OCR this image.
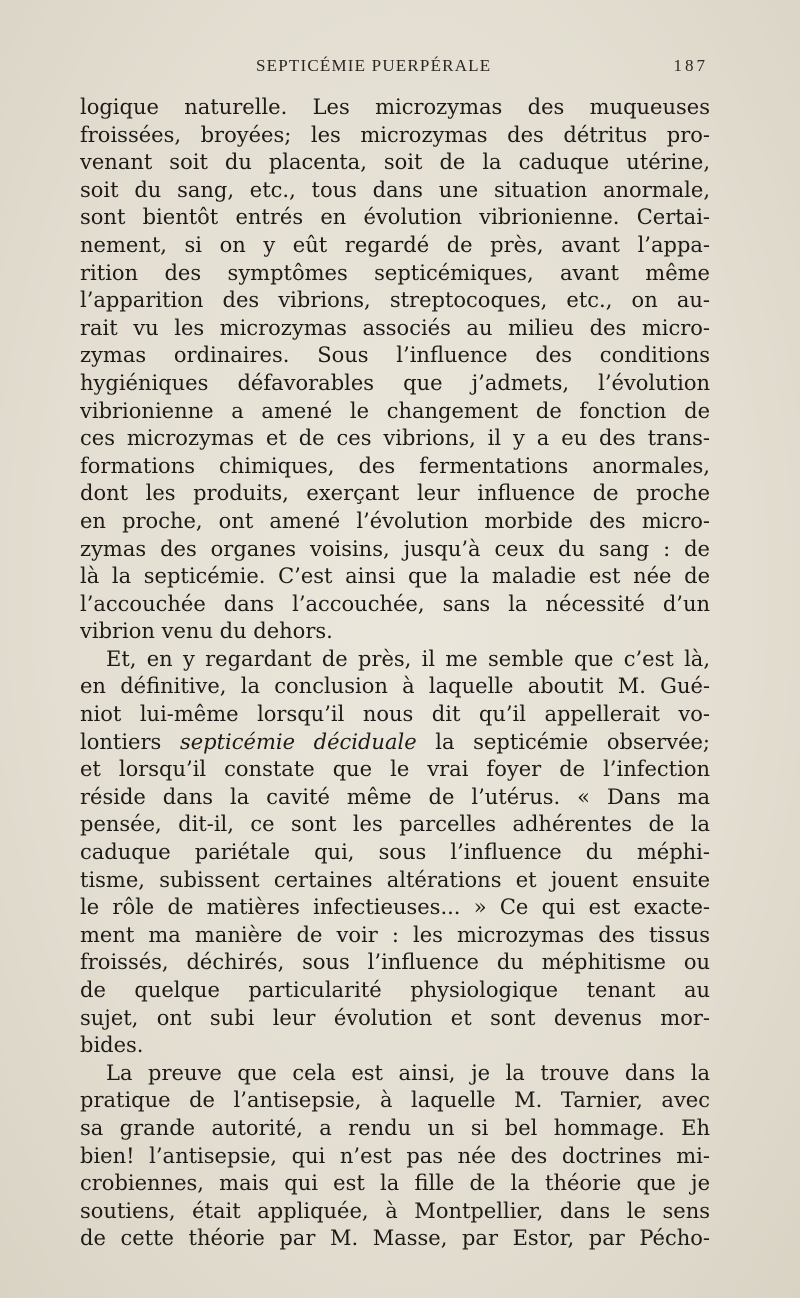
SEPTICÉMIE PUERPÉRALE	187
logique naturelle. Les microzymas des muqueuses
froissées, broyées; les microzymas des détritus pro-
venant soit du placenta, soit de la caduque utérine,
soit du sang, etc., tous dans une situation anormale,
sont bientôt entrés en évolution vibrionienne. Certai-
nement, si on y eût regardé de près, avant l’appa-
rition des symptômes septicémiques, avant même
l’apparition des vibrions, streptocoques, etc., on au-
rait vu les microzymas associés au milieu des micro-
zymas ordinaires. Sous l’influence des conditions
hygiéniques défavorables que j’admets, l’évolution
vibrionienne a amené le changement de fonction de
ces microzymas et de ces vibrions, il y a eu des trans-
formations chimiques, des fermentations anormales,
dont les produits, exerçant leur influence de proche
en proche, ont amené l’évolution morbide des micro-
zymas des organes voisins, jusqu’à ceux du sang : de
là la septicémie. C’est ainsi que la maladie est née de
l’accouchée dans l’accouchée, sans la nécessité d’un
vibrion venu du dehors.
Et, en y regardant de près, il me semble que c’est là,
en définitive, la conclusion à laquelle aboutit M. Gué-
niot lui-même lorsqu’il nous dit qu’il appellerait vo-
lontiers septicémie déciduale la septicémie observée;
et lorsqu’il constate que le vrai foyer de l’infection
réside dans la cavité même de l’utérus. « Dans ma
pensée, dit-il, ce sont les parcelles adhérentes de la
caduque pariétale qui, sous l’influence du méphi-
tisme, subissent certaines altérations et jouent ensuite
le rôle de matières infectieuses... » Ce qui est exacte-
ment ma manière de voir : les microzymas des tissus
froissés, déchirés, sous l’influence du méphitisme ou
de quelque particularité physiologique tenant au
sujet, ont subi leur évolution et sont devenus mor-
bides.
La preuve que cela est ainsi, je la trouve dans la
pratique de l’antisepsie, à laquelle M. Tarnier, avec
sa grande autorité, a rendu un si bel hommage. Eh
bien! l’antisepsie, qui n’est pas née des doctrines mi-
crobiennes, mais qui est la fille de la théorie que je
soutiens, était appliquée, à Montpellier, dans le sens
de cette théorie par M. Masse, par Estor, par Pécho-
